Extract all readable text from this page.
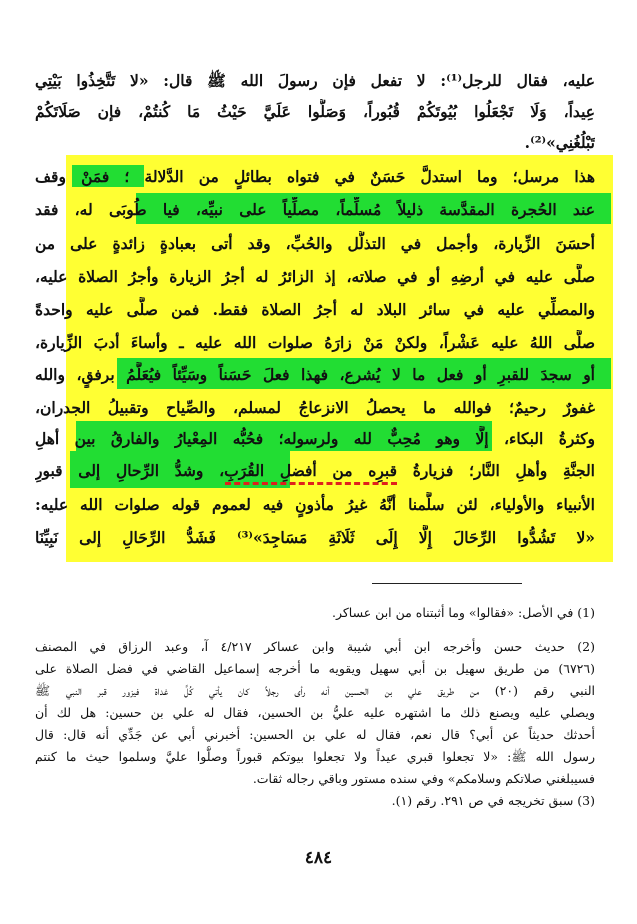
عليه، فقال للرجل⁽¹⁾: لا تفعل فإن رسولَ الله ﷺ قال: «لا تَتَّخِذُوا بَيْتِي
عِيداً، وَلَا تَجْعَلُوا بُيُوتَكُمْ قُبُوراً، وَصَلُّوا عَلَيَّ حَيْثُ مَا كُنتُمْ، فإن صَلَاتَكُمْ
تَبْلُغُنِي»⁽²⁾.
هذا مرسل؛ وما استدلَّ حَسَنٌ في فتواه بطائلٍ من الدَّلالة ؛ فمَنْ وقف
عند الحُجرة المقدَّسة ذليلاً مُسلِّماً، مصلِّياً على نبيِّه، فيا طُوبَى له، فقد
أحسَنَ الزِّيارة، وأجمل في التذلُّل والحُبِّ، وقد أتى بعبادةٍ زائدةٍ على من
صلَّى عليه في أرضِهِ أو في صلاته، إذ الزائرُ له أجرُ الزيارة وأجرُ الصلاة عليه،
والمصلِّي عليه في سائر البلاد له أجرُ الصلاة فقط. فمن صلَّى عليه واحدةً
صلَّى اللهُ عليه عَشْراً، ولكنْ مَنْ زارَهُ صلوات الله عليه ـ وأساءَ أدبَ الزِّيارة،
أو سجدَ للقبرِ أو فعل ما لا يُشرع، فهذا فعلَ حَسَناً وسَيِّئاً فيُعَلَّمُ برفقٍ، والله
غفورٌ رحيمٌ؛ فوالله ما يحصلُ الانزعاجُ لمسلم، والصِّياح وتقبيلُ الجدران،
وكثرةُ البكاء، إلَّا وهو مُحِبٌّ لله ولرسوله؛ فحُبُّه المِعْيارُ والفارقُ بين أهلِ
الجنَّةِ وأهلِ النَّار؛ فزيارةُ قبرِه من أفضلِ القُرَبِ، وشدُّ الرِّحالِ إلى قبورِ
الأنبياء والأولياء، لئن سلَّمنا أنَّهُ غيرُ مأذونٍ فيه لعموم قوله صلوات الله عليه:
«لا تَشُدُّوا الرِّحَالَ إِلَّا إِلَى ثَلَاثَةِ مَسَاجِدَ»⁽³⁾ فَشَدُّ الرِّحَالِ إلى نَبِيِّنَا
(1) في الأصل: «فقالوا» وما أثبتناه من ابن عساكر.
(2) حديث حسن وأخرجه ابن أبي شيبة وابن عساكر ٤/٢١٧ آ، وعبد الرزاق في المصنف
(٦٧٢٦) من طريق سهيل بن أبي سهيل ويقويه ما أخرجه إسماعيل القاضي في فضل الصلاة على
النبي رقم (٢٠) من طريق علي بن الحسين أنه رأى رجلاً كان يأتي كُلَّ غداة فيزور قبر النبي ﷺ
ويصلي عليه ويصنع ذلك ما اشتهره عليه عليُّ بن الحسين، فقال له علي بن حسين: هل لك أن
أحدثك حديثاً عن أبي؟ قال نعم، فقال له علي بن الحسين: أخبرني أبي عن جَدِّي أنه قال: قال
رسول الله ﷺ: «لا تجعلوا قبري عيداً ولا تجعلوا بيوتكم قبوراً وصلُّوا عليَّ وسلموا حيث ما كنتم
فسيبلغني صلاتكم وسلامكم» وفي سنده مستور وباقي رجاله ثقات.
(3) سبق تخريجه في ص ٢٩١. رقم (١).
٤٨٤
